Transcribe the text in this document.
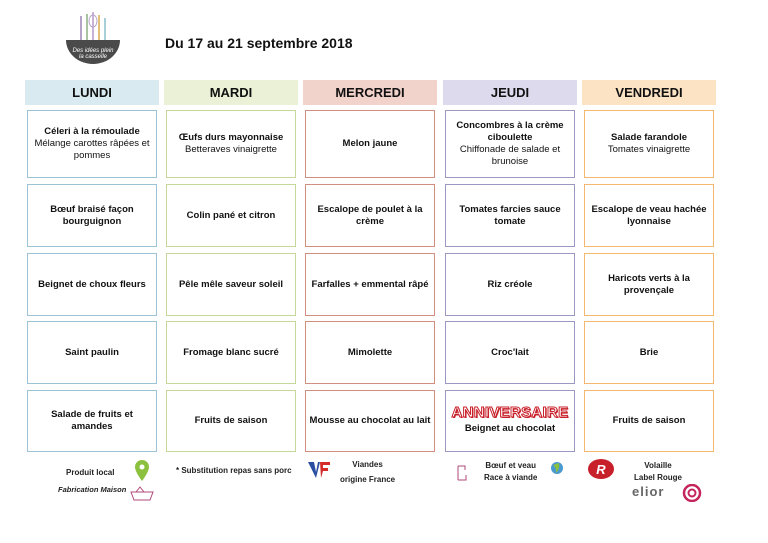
Des idées plein
la casselle
Du 17 au 21 septembre 2018
LUNDI
Céleri à la rémoulade
Mélange carottes râpées et pommes
Bœuf braisé façon bourguignon
Beignet de choux fleurs
Saint paulin
Salade de fruits et amandes
MARDI
Œufs durs mayonnaise
Betteraves vinaigrette
Colin pané et citron
Pêle mêle saveur soleil
Fromage blanc sucré
Fruits de saison
MERCREDI
Melon jaune
Escalope de poulet à la crème
Farfalles + emmental râpé
Mimolette
Mousse au chocolat au lait
JEUDI
Concombres à la crème ciboulette
Chiffonade de salade et brunoise
Tomates farcies sauce tomate
Riz créole
Croc'lait
ANNIVERSAIRE
Beignet au chocolat
VENDREDI
Salade farandole
Tomates vinaigrette
Escalope de veau hachée lyonnaise
Haricots verts à la provençale
Brie
Fruits de saison
Produit local
Fabrication Maison
* Substitution repas sans porc
Viandes
origine France
Bœuf et veau
Race à viande
R	Volaille
Label Rouge
elior
